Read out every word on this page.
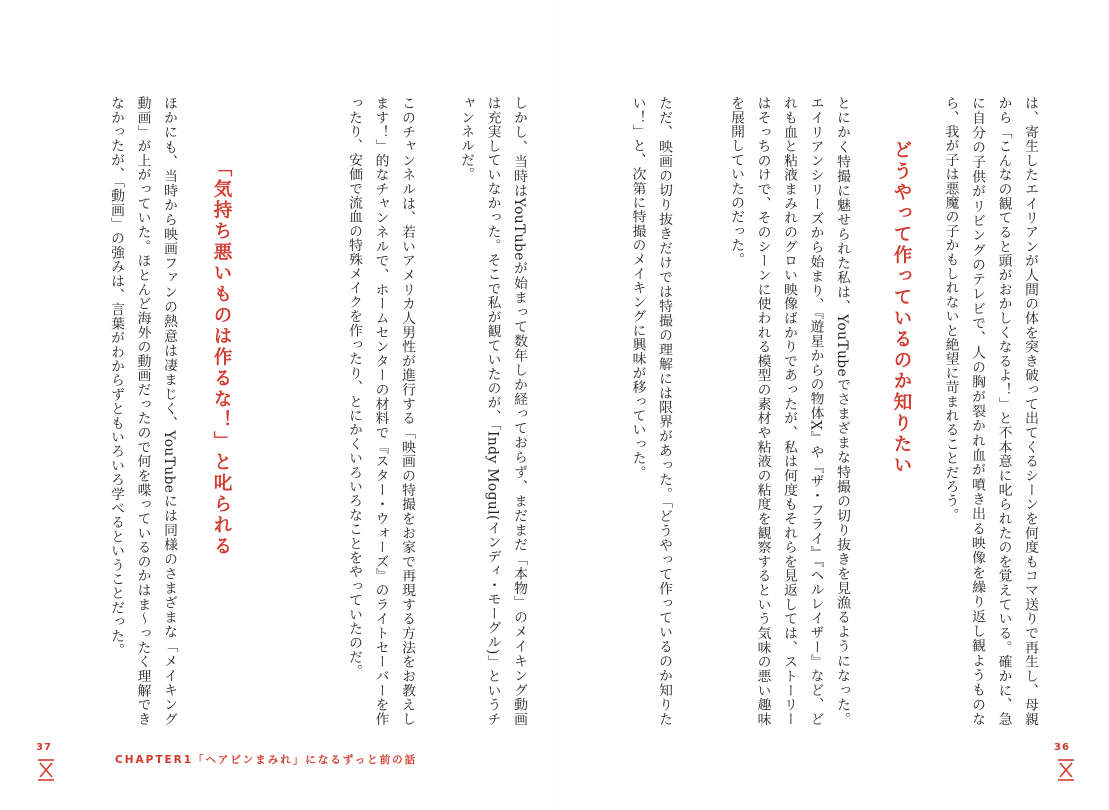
は、寄生したエイリアンが人間の体を突き破って出てくるシーンを何度もコマ送りで再生し、母親から「こんなの観てると頭がおかしくなるよ！」と不本意に叱られたのを覚えている。確かに、急に自分の子供がリビングのテレビで、人の胸が裂かれ血が噴き出る映像を繰り返し観ようものなら、我が子は悪魔の子かもしれないと絶望に苛まれることだろう。

どうやって作っているのか知りたい

とにかく特撮に魅せられた私は、YouTubeでさまざまな特撮の切り抜きを見漁るようになった。エイリアンシリーズから始まり、『遊星からの物体X』や『ザ・フライ』『ヘルレイザー』など、どれも血と粘液まみれのグロい映像ばかりであったが、私は何度もそれらを見返しては、ストーリーはそっちのけで、そのシーンに使われる模型の素材や粘液の粘度を観察するという気味の悪い趣味を展開していたのだった。

ただ、映画の切り抜きだけでは特撮の理解には限界があった。「どうやって作っているのか知りたい！」と、次第に特撮のメイキングに興味が移っていった。

36

しかし、当時はYouTubeが始まって数年しか経っておらず、まだまだ「本物」のメイキング動画は充実していなかった。そこで私が観ていたのが、「Indy Mogul(インディ・モーグル)」というチャンネルだ。

このチャンネルは、若いアメリカ人男性が進行する「映画の特撮をお家で再現する方法をお教えします！」的なチャンネルで、ホームセンターの材料で『スター・ウォーズ』のライトセーバーを作ったり、安価で流血の特殊メイクを作ったり、とにかくいろいろなことをやっていたのだ。

「気持ち悪いものは作るな！」と叱られる

ほかにも、当時から映画ファンの熱意は凄まじく、YouTubeには同様のさまざまな「メイキング動画」が上がっていた。ほとんど海外の動画だったので何を喋っているのかはま～ったく理解できなかったが、「動画」の強みは、言葉がわからずともいろいろ学べるということだった。

37
CHAPTER1「ヘアピンまみれ」になるずっと前の話
